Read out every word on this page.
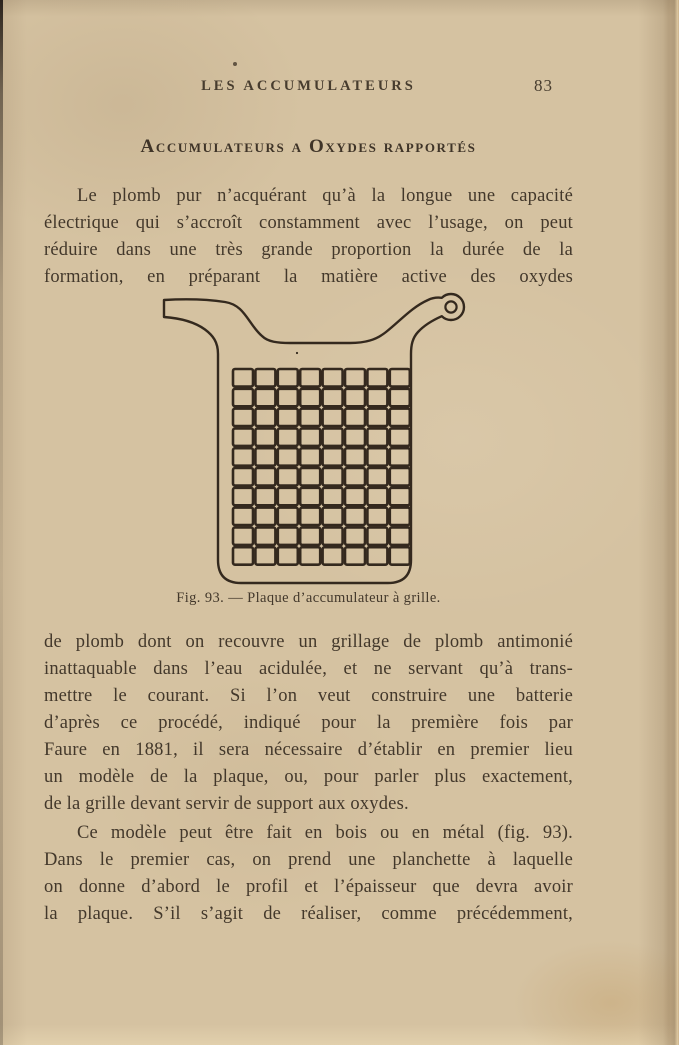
LES ACCUMULATEURS	83
Accumulateurs a Oxydes rapportés
Le plomb pur n’acquérant qu’à la longue une capacité
électrique qui s’accroît constamment avec l’usage, on peut
réduire dans une très grande proportion la durée de la
formation, en préparant la matière active des oxydes
Fig. 93. — Plaque d’accumulateur à grille.
de plomb dont on recouvre un grillage de plomb antimonié
inattaquable dans l’eau acidulée, et ne servant qu’à trans-
mettre le courant. Si l’on veut construire une batterie
d’après ce procédé, indiqué pour la première fois par
Faure en 1881, il sera nécessaire d’établir en premier lieu
un modèle de la plaque, ou, pour parler plus exactement,
de la grille devant servir de support aux oxydes.
Ce modèle peut être fait en bois ou en métal (fig. 93).
Dans le premier cas, on prend une planchette à laquelle
on donne d’abord le profil et l’épaisseur que devra avoir
la plaque. S’il s’agit de réaliser, comme précédemment,
